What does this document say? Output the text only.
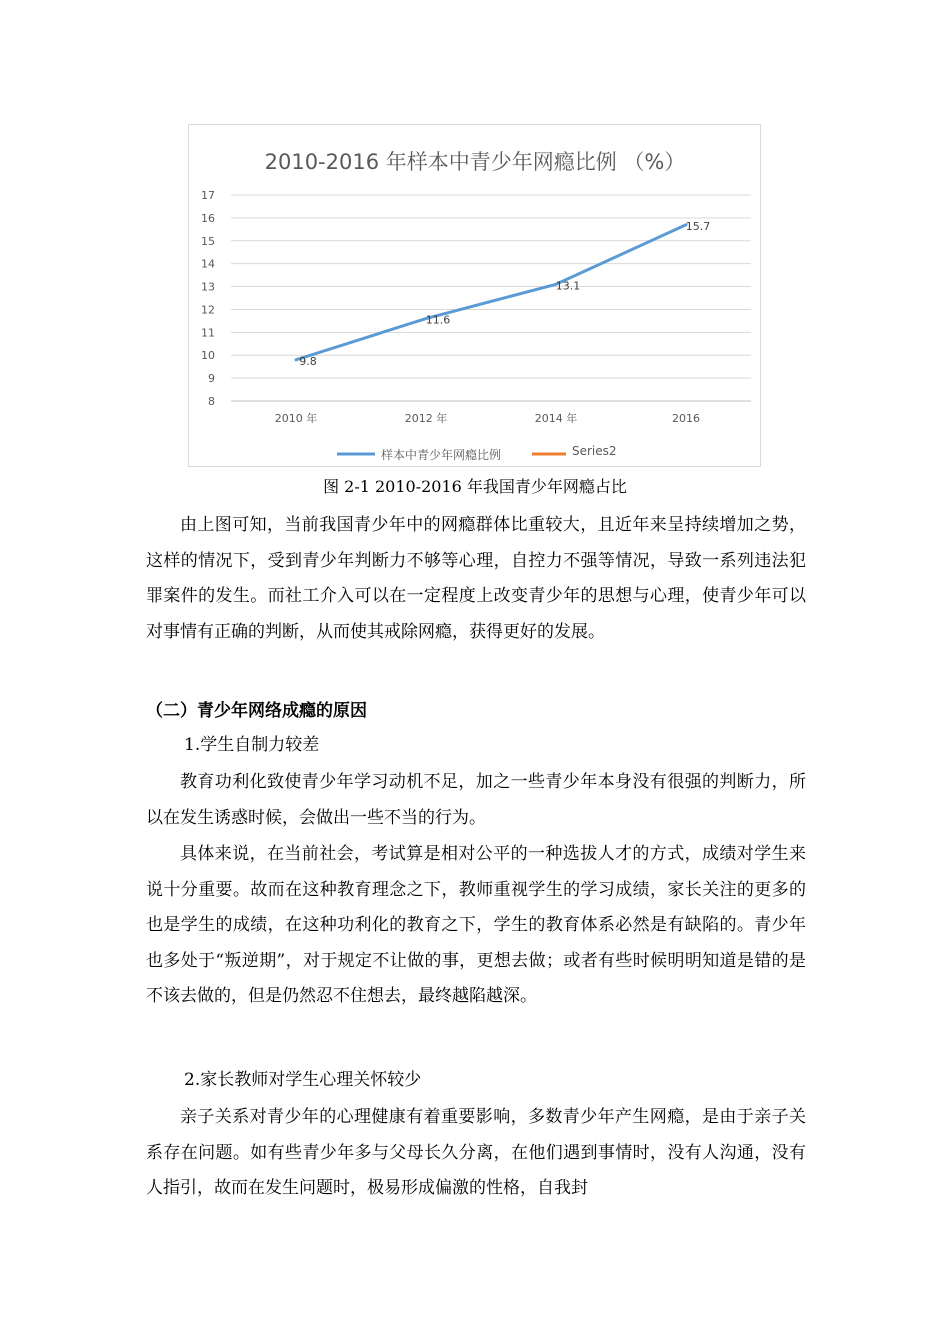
2010-2016 年样本中青少年网瘾比例 （%）
8
9
10
11
12
13
14
15
16
17
2010 年	2012 年	2014 年	2016
9.8
11.6
13.1
15.7
样本中青少年网瘾比例	Series2
图 2-1 2010-2016 年我国青少年网瘾占比

由上图可知，当前我国青少年中的网瘾群体比重较大，且近年来呈持续增加之势，这样的情况下，受到青少年判断力不够等心理，自控力不强等情况，导致一系列违法犯罪案件的发生。而社工介入可以在一定程度上改变青少年的思想与心理，使青少年可以对事情有正确的判断，从而使其戒除网瘾，获得更好的发展。

（二）青少年网络成瘾的原因

1.学生自制力较差

教育功利化致使青少年学习动机不足，加之一些青少年本身没有很强的判断力，所以在发生诱惑时候，会做出一些不当的行为。

具体来说，在当前社会，考试算是相对公平的一种选拔人才的方式，成绩对学生来说十分重要。故而在这种教育理念之下，教师重视学生的学习成绩，家长关注的更多的也是学生的成绩，在这种功利化的教育之下，学生的教育体系必然是有缺陷的。青少年也多处于“叛逆期”，对于规定不让做的事，更想去做；或者有些时候明明知道是错的是不该去做的，但是仍然忍不住想去，最终越陷越深。

2.家长教师对学生心理关怀较少

亲子关系对青少年的心理健康有着重要影响，多数青少年产生网瘾，是由于亲子关系存在问题。如有些青少年多与父母长久分离，在他们遇到事情时，没有人沟通，没有人指引，故而在发生问题时，极易形成偏激的性格，自我封
